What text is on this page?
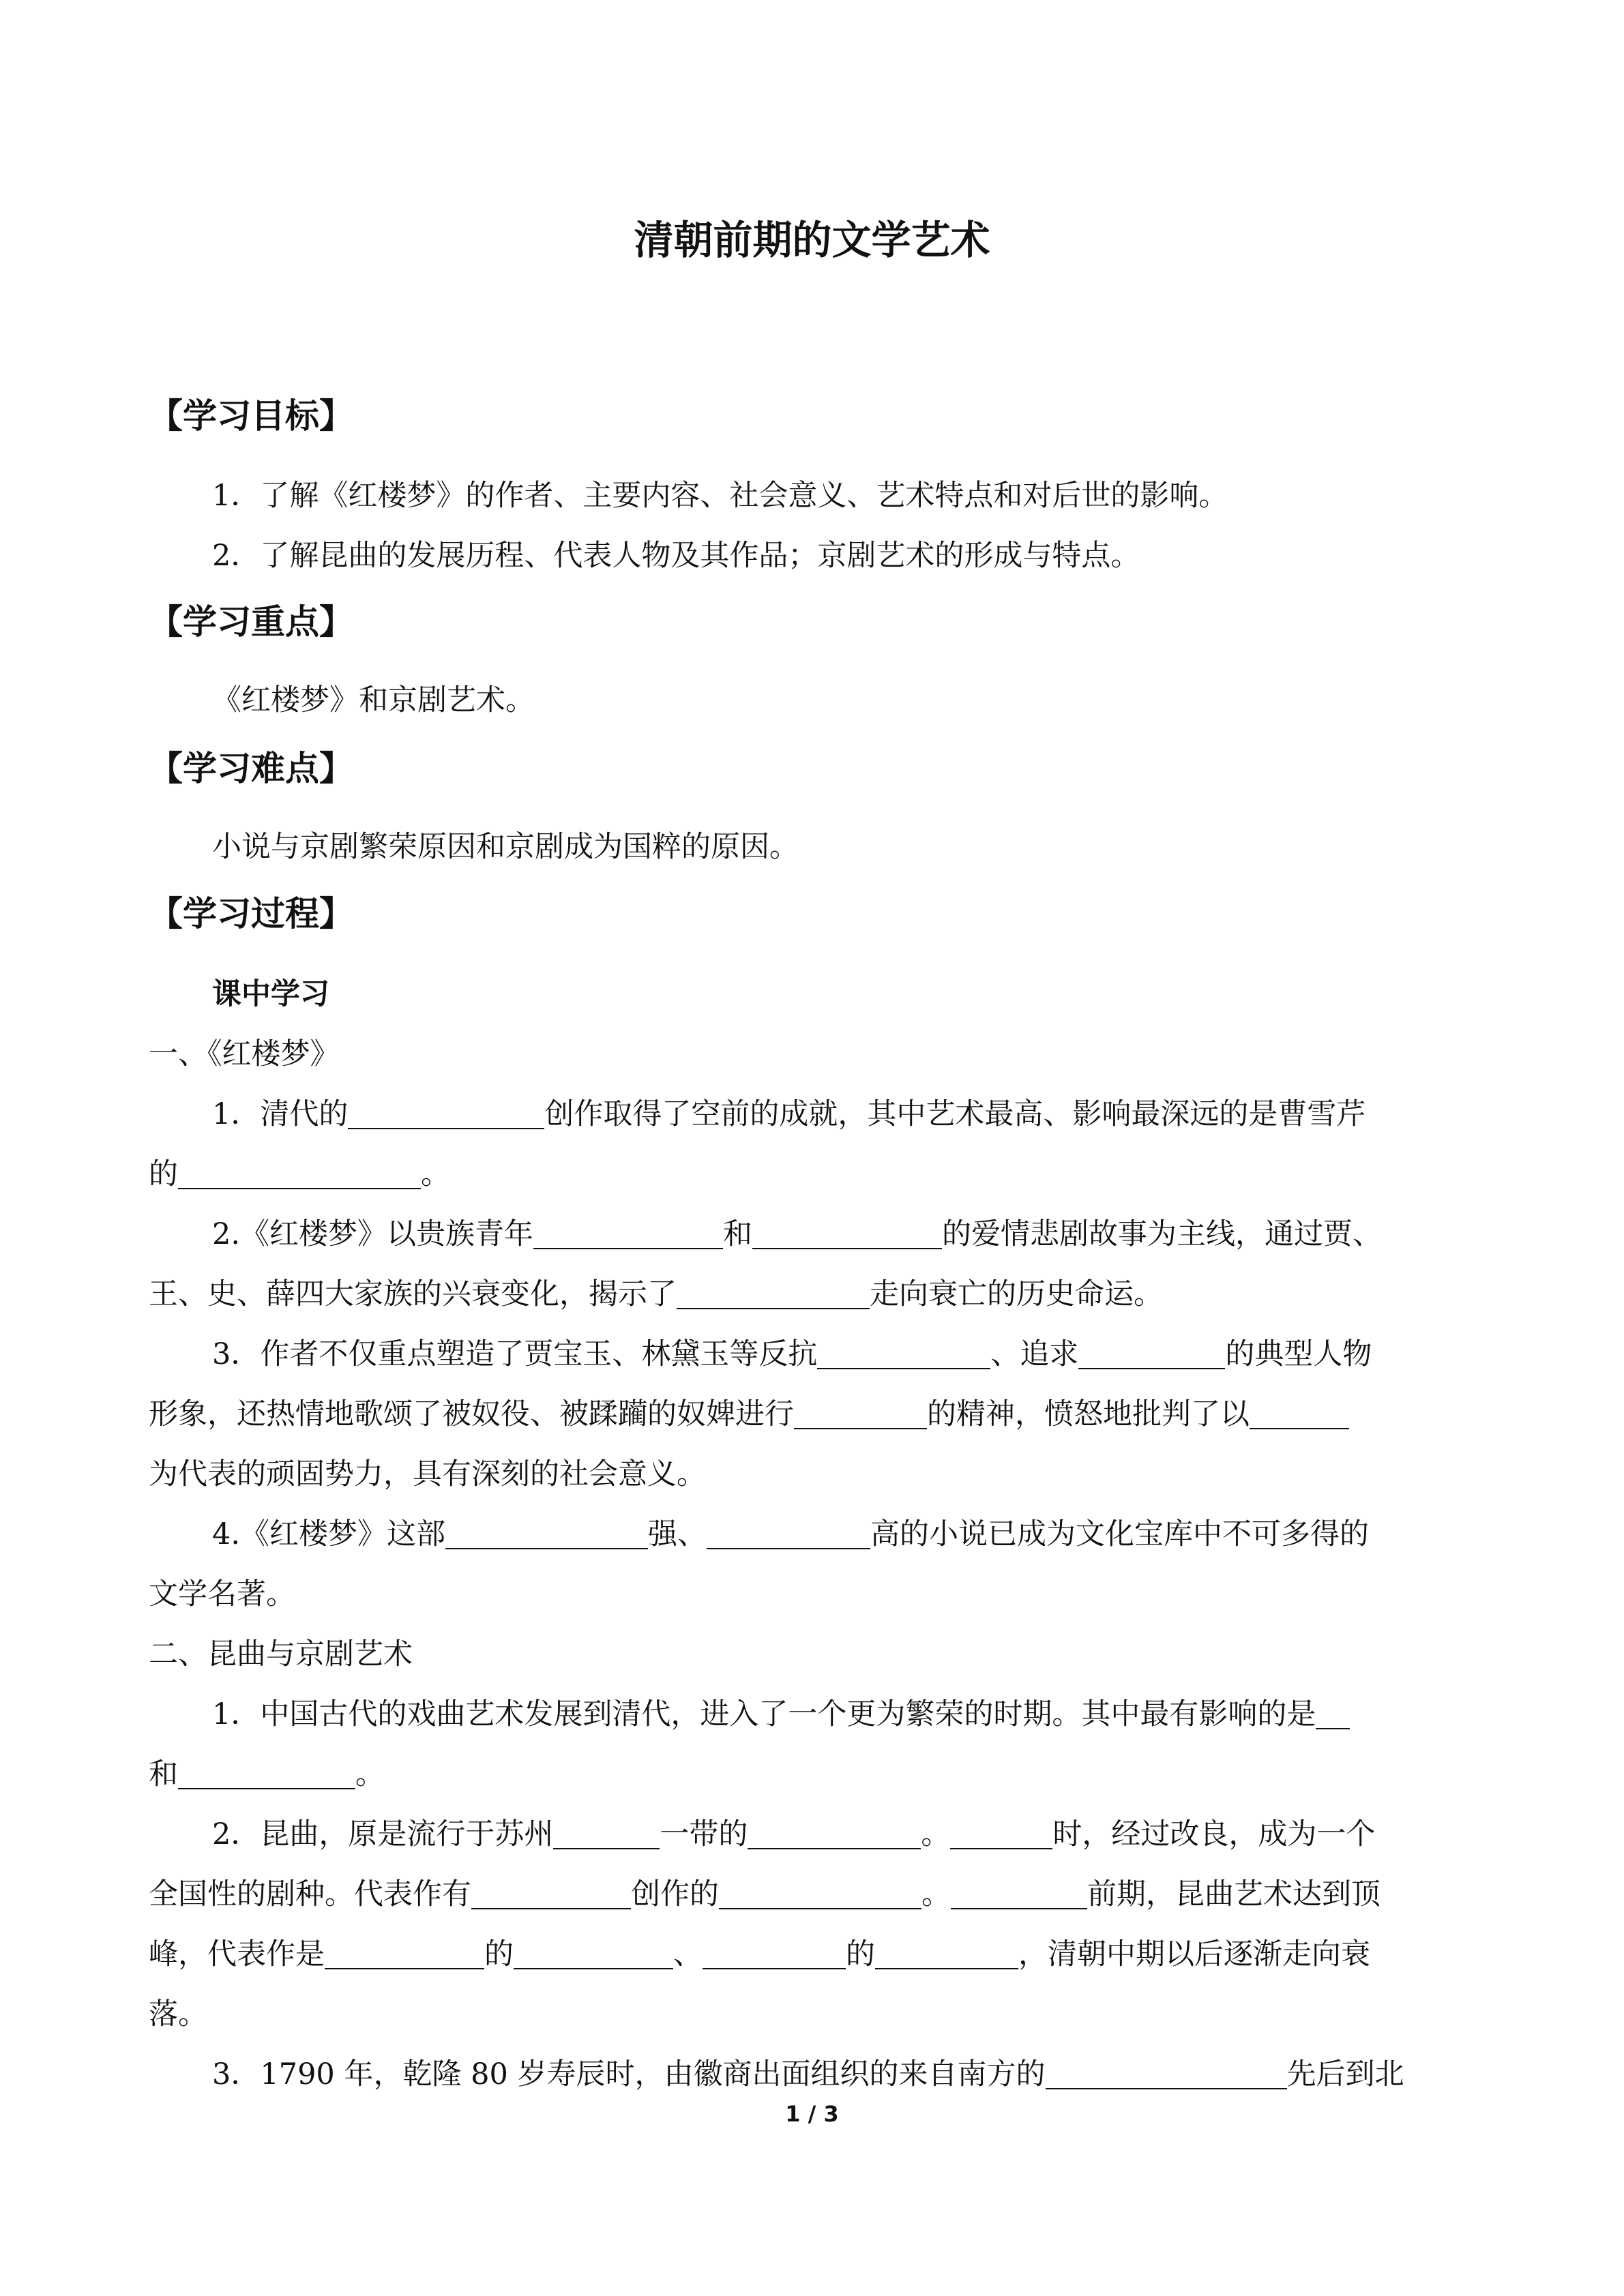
清朝前期的文学艺术
【学习目标】

1．了解《红楼梦》的作者、主要内容、社会意义、艺术特点和对后世的影响。

2．了解昆曲的发展历程、代表人物及其作品；京剧艺术的形成与特点。

【学习重点】

《红楼梦》和京剧艺术。

【学习难点】

小说与京剧繁荣原因和京剧成为国粹的原因。

【学习过程】

课中学习

一、《红楼梦》

1．清代的	创作取得了空前的成就，其中艺术最高、影响最深远的是曹雪芹

的	。

2.《红楼梦》以贵族青年	和	的爱情悲剧故事为主线，通过贾、

王、史、薛四大家族的兴衰变化，揭示了	走向衰亡的历史命运。

3．作者不仅重点塑造了贾宝玉、林黛玉等反抗	、追求	的典型人物

形象，还热情地歌颂了被奴役、被蹂躏的奴婢进行	的精神，愤怒地批判了以

为代表的顽固势力，具有深刻的社会意义。

4.《红楼梦》这部	强、	高的小说已成为文化宝库中不可多得的

文学名著。

二、昆曲与京剧艺术

1．中国古代的戏曲艺术发展到清代，进入了一个更为繁荣的时期。其中最有影响的是

和	。

2．昆曲，原是流行于苏州	一带的	。	时，经过改良，成为一个

全国性的剧种。代表作有	创作的	。	前期，昆曲艺术达到顶

峰，代表作是	的	、	的	，清朝中期以后逐渐走向衰

落。

3．1790 年，乾隆 80 岁寿辰时，由徽商出面组织的来自南方的	先后到北

1 / 3
